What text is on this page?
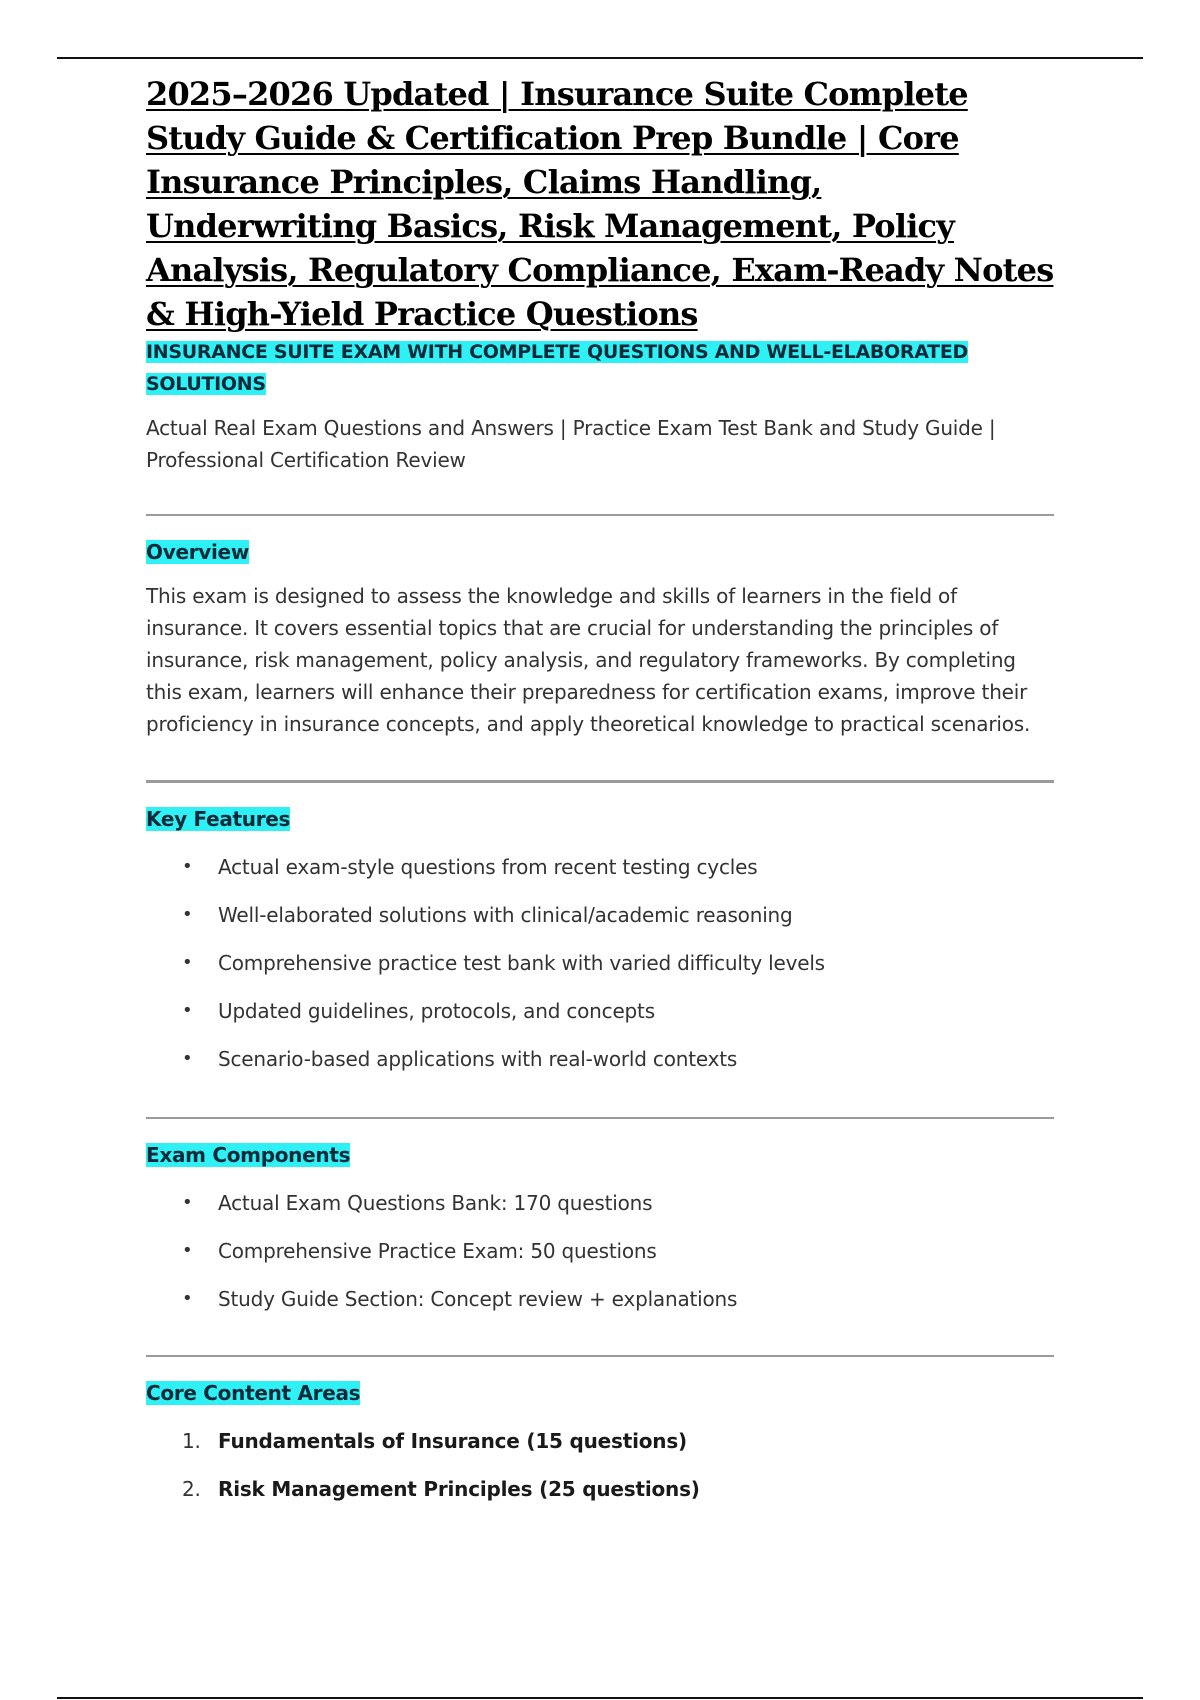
2025–2026 Updated | Insurance Suite Complete Study Guide & Certification Prep Bundle | Core Insurance Principles, Claims Handling, Underwriting Basics, Risk Management, Policy Analysis, Regulatory Compliance, Exam-Ready Notes & High-Yield Practice Questions

INSURANCE SUITE EXAM WITH COMPLETE QUESTIONS AND WELL-ELABORATED SOLUTIONS

Actual Real Exam Questions and Answers | Practice Exam Test Bank and Study Guide | Professional Certification Review

Overview

This exam is designed to assess the knowledge and skills of learners in the field of insurance. It covers essential topics that are crucial for understanding the principles of insurance, risk management, policy analysis, and regulatory frameworks. By completing this exam, learners will enhance their preparedness for certification exams, improve their proficiency in insurance concepts, and apply theoretical knowledge to practical scenarios.

Key Features
• Actual exam-style questions from recent testing cycles
• Well-elaborated solutions with clinical/academic reasoning
• Comprehensive practice test bank with varied difficulty levels
• Updated guidelines, protocols, and concepts
• Scenario-based applications with real-world contexts
Exam Components
• Actual Exam Questions Bank: 170 questions
• Comprehensive Practice Exam: 50 questions
• Study Guide Section: Concept review + explanations
Core Content Areas
1. Fundamentals of Insurance (15 questions)
2. Risk Management Principles (25 questions)
